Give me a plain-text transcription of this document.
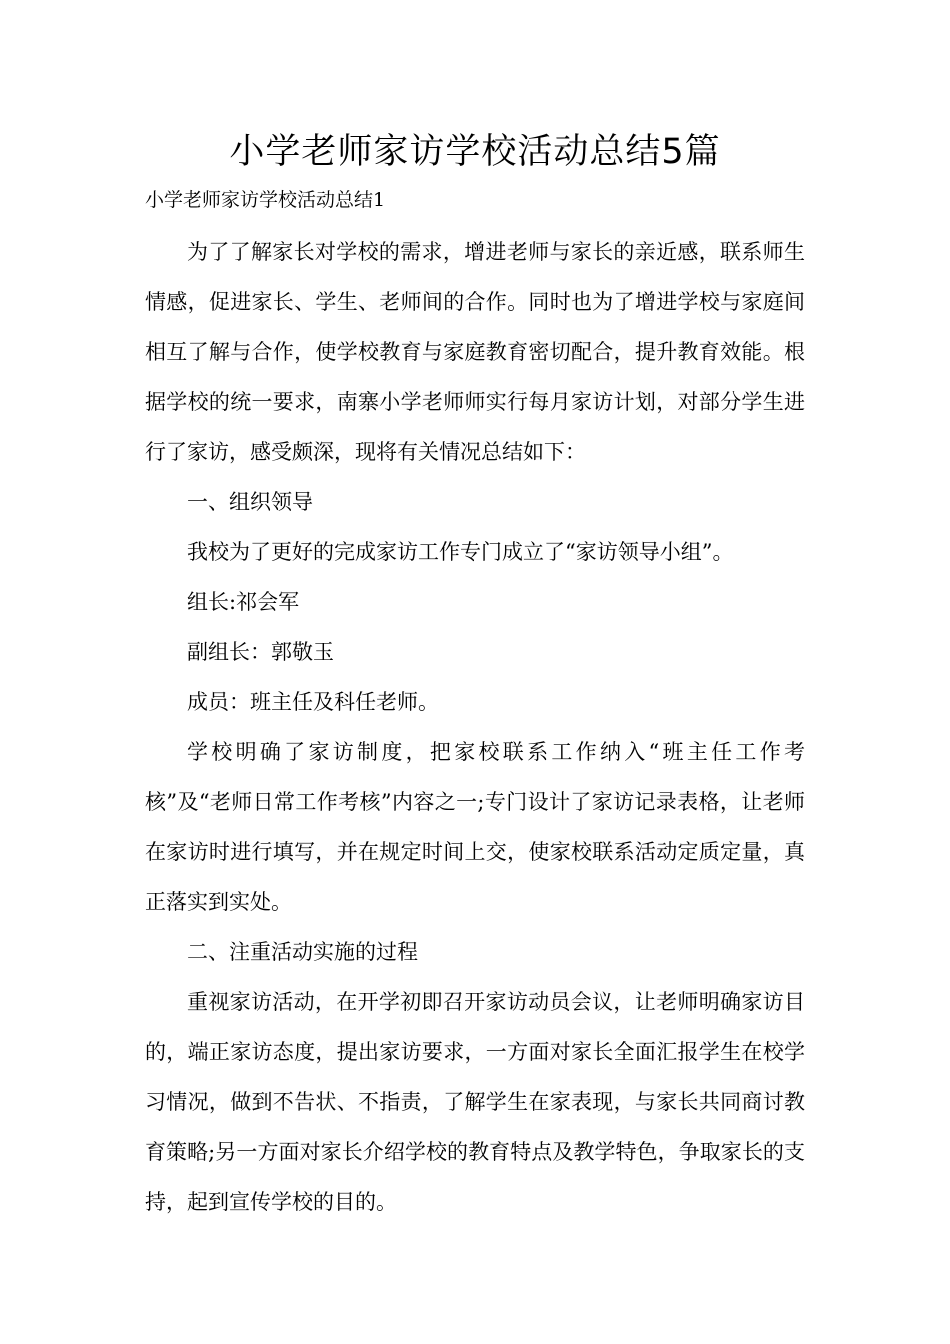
小学老师家访学校活动总结5篇
小学老师家访学校活动总结1

为了了解家长对学校的需求，增进老师与家长的亲近感，联系师生情感，促进家长、学生、老师间的合作。同时也为了增进学校与家庭间相互了解与合作，使学校教育与家庭教育密切配合，提升教育效能。根据学校的统一要求，南寨小学老师师实行每月家访计划，对部分学生进行了家访，感受颇深，现将有关情况总结如下：

一、组织领导

我校为了更好的完成家访工作专门成立了“家访领导小组”。

组长:祁会军

副组长：郭敬玉

成员：班主任及科任老师。

学校明确了家访制度，把家校联系工作纳入“班主任工作考核”及“老师日常工作考核”内容之一;专门设计了家访记录表格，让老师在家访时进行填写，并在规定时间上交，使家校联系活动定质定量，真正落实到实处。

二、注重活动实施的过程

重视家访活动，在开学初即召开家访动员会议，让老师明确家访目的，端正家访态度，提出家访要求，一方面对家长全面汇报学生在校学习情况，做到不告状、不指责，了解学生在家表现，与家长共同商讨教育策略;另一方面对家长介绍学校的教育特点及教学特色，争取家长的支持，起到宣传学校的目的。
